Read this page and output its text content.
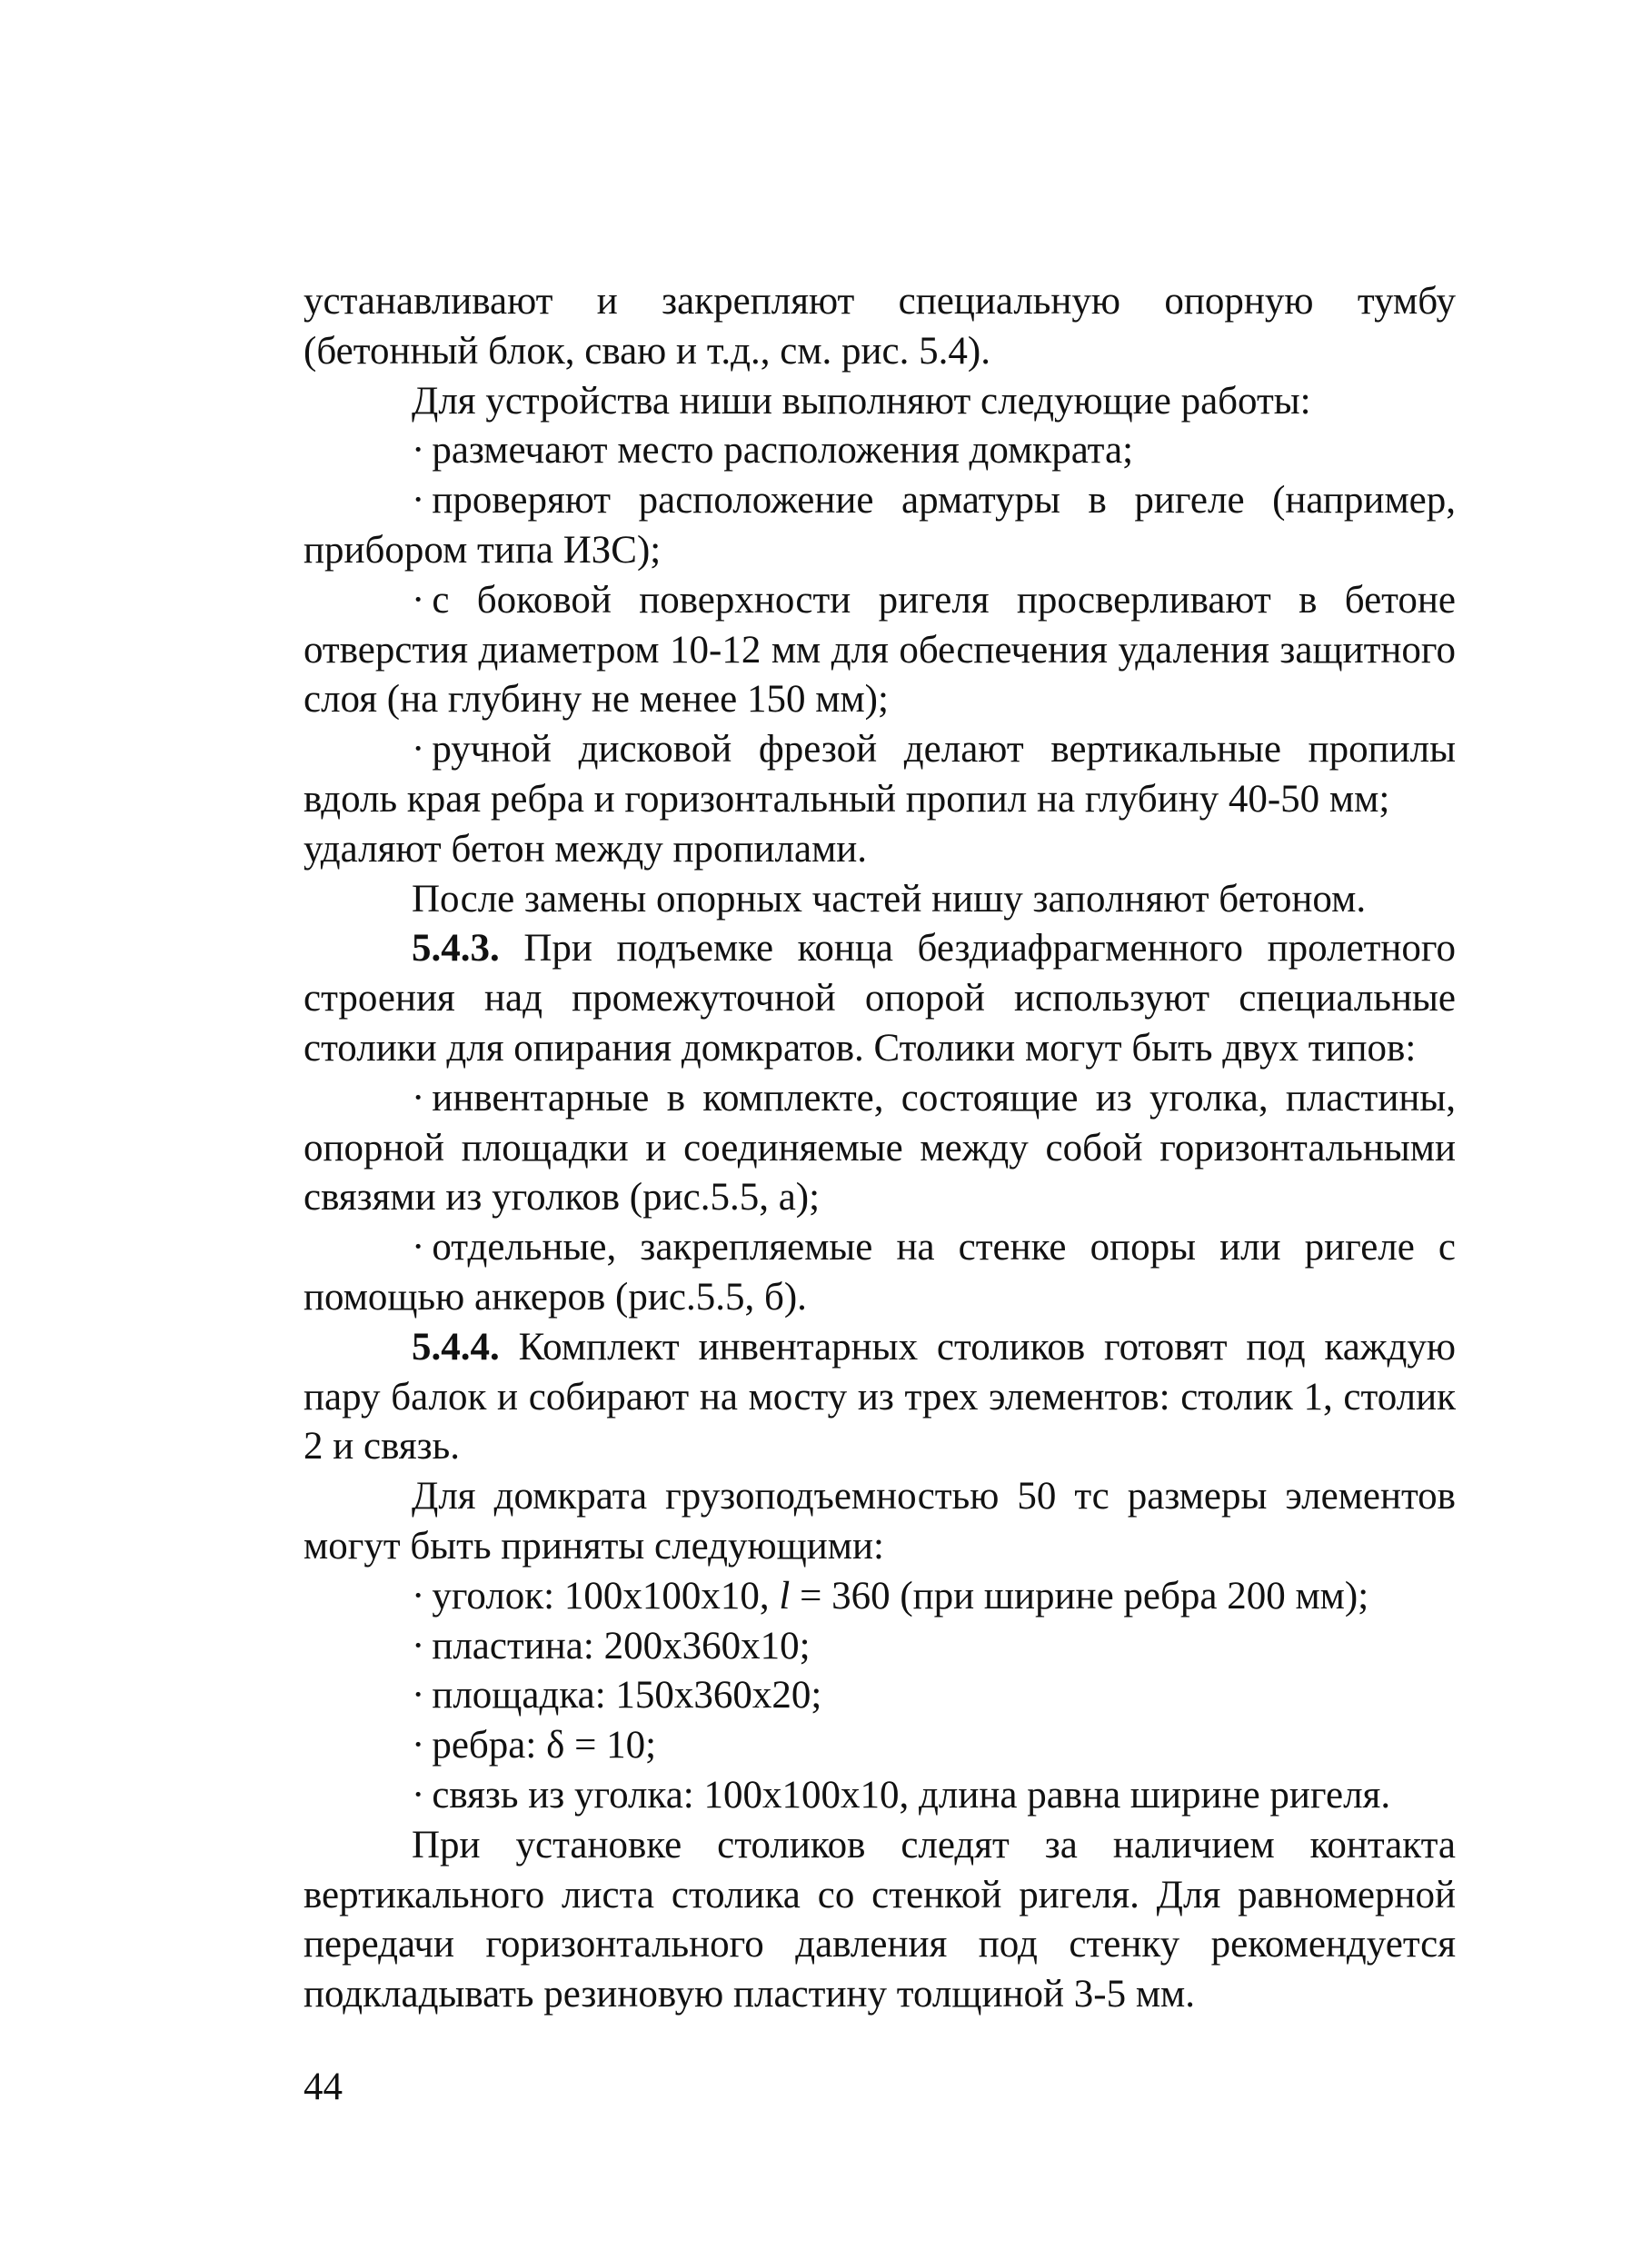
устанавливают и закрепляют специальную опорную тумбу

(бетонный блок, сваю и т.д., см. рис. 5.4).

Для устройства ниши выполняют следующие работы:

· размечают место расположения домкрата;

· проверяют расположение арматуры в ригеле (например, прибором типа ИЗС);

· с боковой поверхности ригеля просверливают в бетоне отверстия диаметром 10-12 мм для обеспечения удаления защитного слоя (на глубину не менее 150 мм);

· ручной дисковой фрезой делают вертикальные пропилы вдоль края ребра и горизонтальный пропил на глубину 40-50 мм;

удаляют бетон между пропилами.

После замены опорных частей нишу заполняют бетоном.

5.4.3. При подъемке конца бездиафрагменного пролетного строения над промежуточной опорой используют специальные столики для опирания домкратов. Столики могут быть двух типов:

· инвентарные в комплекте, состоящие из уголка, пластины, опорной площадки и соединяемые между собой горизонтальными связями из уголков (рис.5.5, а);

· отдельные, закрепляемые на стенке опоры или ригеле с помощью анкеров (рис.5.5, б).

5.4.4. Комплект инвентарных столиков готовят под каждую пару балок и собирают на мосту из трех элементов: столик 1, столик 2 и связь.

Для домкрата грузоподъемностью 50 тс размеры элементов могут быть приняты следующими:

· уголок: 100x100x10, l = 360 (при ширине ребра 200 мм);

· пластина: 200x360x10;

· площадка: 150x360x20;

· ребра: δ = 10;

· связь из уголка: 100x100x10, длина равна ширине ригеля.

При установке столиков следят за наличием контакта вертикального листа столика со стенкой ригеля. Для равномерной передачи горизонтального давления под стенку рекомендуется подкладывать резиновую пластину толщиной 3-5 мм.

44
